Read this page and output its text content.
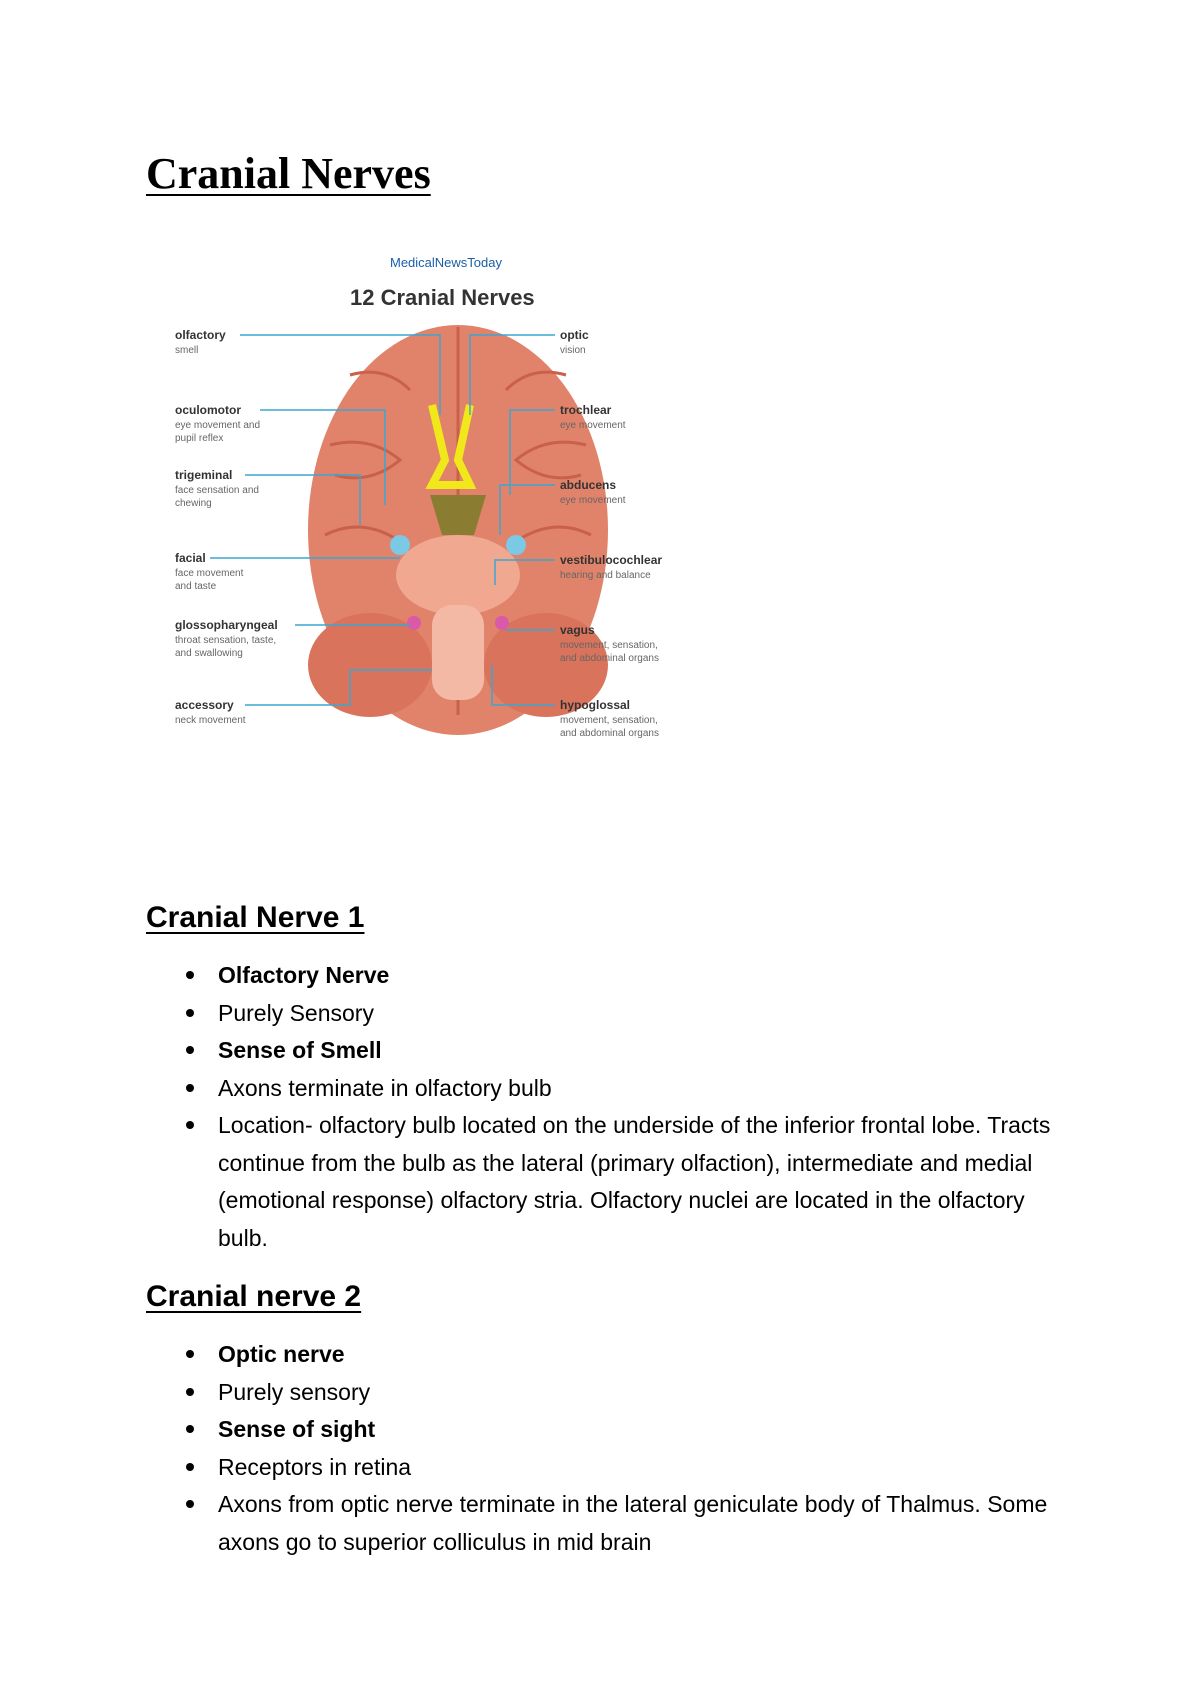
Cranial Nerves
MedicalNewsToday
12 Cranial Nerves
olfactory
smell
oculomotor
eye movement and
pupil reflex
trigeminal
face sensation and
chewing
facial
face movement
and taste
glossopharyngeal
throat sensation, taste,
and swallowing
accessory
neck movement
optic
vision
trochlear
eye movement
abducens
eye movement
vestibulocochlear
hearing and balance
vagus
movement, sensation,
and abdominal organs
hypoglossal
movement, sensation,
and abdominal organs
Cranial Nerve 1
Olfactory Nerve
Purely Sensory
Sense of Smell
Axons terminate in olfactory bulb
Location- olfactory bulb located on the underside of the inferior frontal lobe. Tracts continue from the bulb as the lateral (primary olfaction), intermediate and medial (emotional response) olfactory stria. Olfactory nuclei are located in the olfactory bulb.
Cranial nerve 2
Optic nerve
Purely sensory
Sense of sight
Receptors in retina
Axons from optic nerve terminate in the lateral geniculate body of Thalmus. Some axons go to superior colliculus in mid brain
